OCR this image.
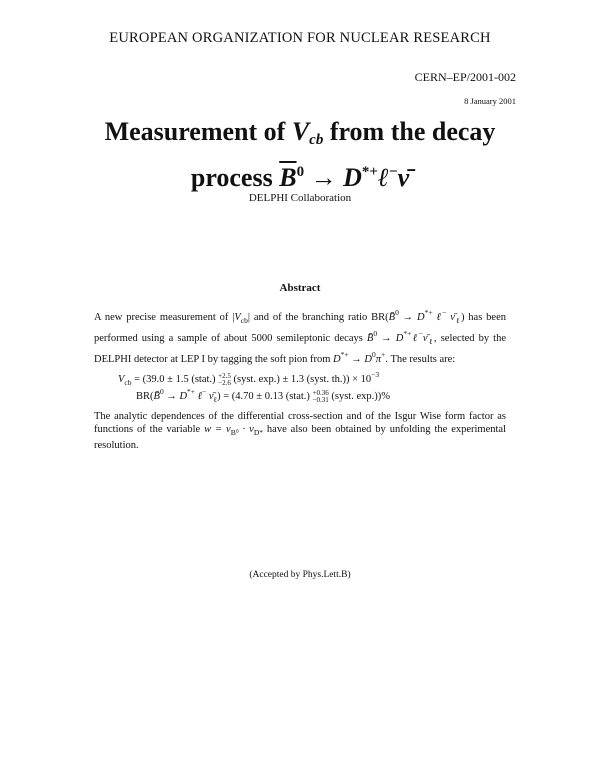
EUROPEAN ORGANIZATION FOR NUCLEAR RESEARCH
CERN–EP/2001-002
8 January 2001
Measurement of $V_{cb}$ from the decay
process $\overline{B}^0$ → D*+ℓ−ν̄
DELPHI Collaboration
Abstract
A new precise measurement of $|V_{cb}|$ and of the branching ratio BR(B̄$^0$ → D*+ ℓ− $\nū_\ell$) has been performed using a sample of about 5000 semileptonic decays B̄$^0$ → $D^{*+}\ell^-\nū_\ell$, selected by the DELPHI detector at LEP I by tagging the soft pion from $D^{*+} \to D^0\pi^+$. The results are:
$V_{cb} = (39.0 \pm 1.5$ (stat.) +2.5
−2.6 (syst. exp.) ± 1.3 (syst. $th.)) \times 10^{-3}$
BR(B̄$^0$ → D*+ ℓ− $\nū_\ell) = (4.70 \pm 0.13$ (stat.) +0.36
−0.31 (syst. exp.))%
The analytic dependences of the differential cross-section and of the Isgur Wise form factor as functions of the variable $w = v_{B^0} \cdot v_{D*}$ have also been obtained by unfolding the experimental resolution.
(Accepted by Phys.Lett.B)
